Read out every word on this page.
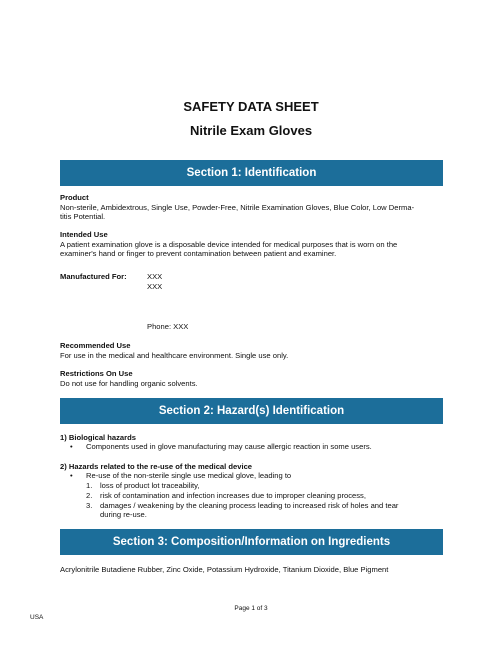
SAFETY DATA SHEET
Nitrile Exam Gloves
Section 1: Identification
Product
Non-sterile, Ambidextrous, Single Use, Powder-Free, Nitrile Examination Gloves, Blue Color, Low Derma-
titis Potential.
Intended Use
A patient examination glove is a disposable device intended for medical purposes that is worn on the
examiner's hand or finger to prevent contamination between patient and examiner.
Manufactured For:	XXX
XXX
Phone: XXX
Recommended Use
For use in the medical and healthcare environment. Single use only.
Restrictions On Use
Do not use for handling organic solvents.
Section 2: Hazard(s) Identification
1) Biological hazards
• Components used in glove manufacturing may cause allergic reaction in some users.
2) Hazards related to the re-use of the medical device
• Re-use of the non-sterile single use medical glove, leading to
1. loss of product lot traceability,
2. risk of contamination and infection increases due to improper cleaning process,
3. damages / weakening by the cleaning process leading to increased risk of holes and tear
during re-use.
Section 3: Composition/Information on Ingredients
Acrylonitrile Butadiene Rubber, Zinc Oxide, Potassium Hydroxide, Titanium Dioxide, Blue Pigment
Page 1 of 3
USA
